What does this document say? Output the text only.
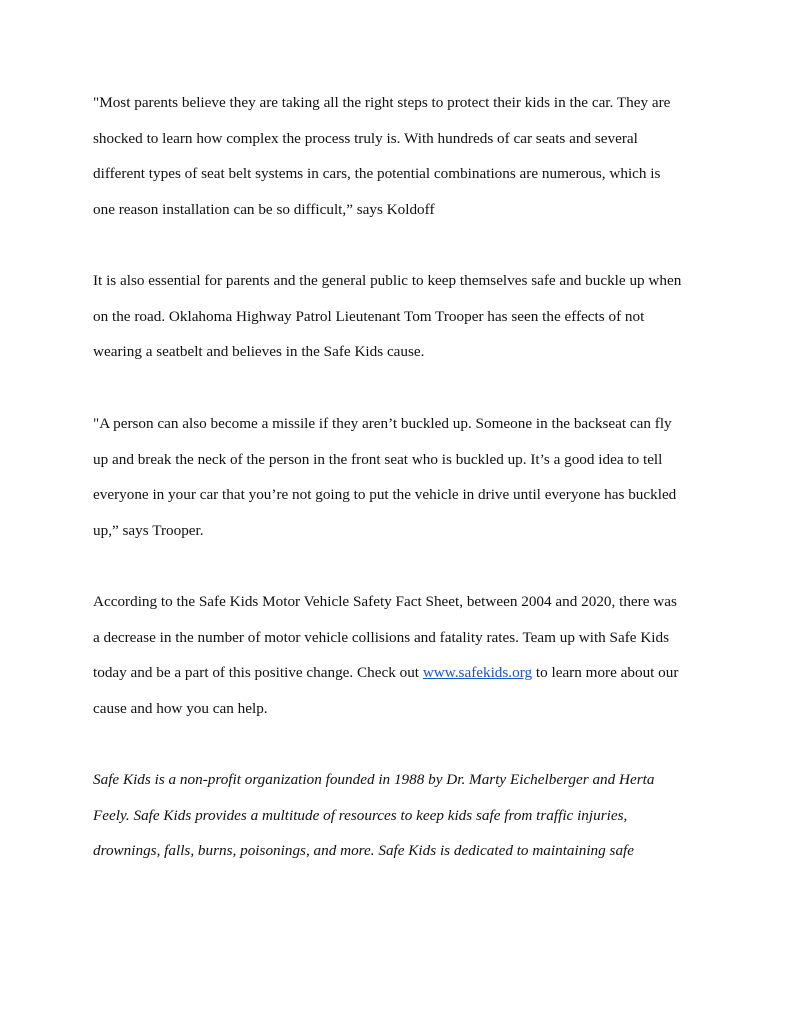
"Most parents believe they are taking all the right steps to protect their kids in the car. They are
shocked to learn how complex the process truly is. With hundreds of car seats and several
different types of seat belt systems in cars, the potential combinations are numerous, which is
one reason installation can be so difficult,” says Koldoff
It is also essential for parents and the general public to keep themselves safe and buckle up when
on the road. Oklahoma Highway Patrol Lieutenant Tom Trooper has seen the effects of not
wearing a seatbelt and believes in the Safe Kids cause.
"A person can also become a missile if they aren’t buckled up. Someone in the backseat can fly
up and break the neck of the person in the front seat who is buckled up. It’s a good idea to tell
everyone in your car that you’re not going to put the vehicle in drive until everyone has buckled
up,” says Trooper.
According to the Safe Kids Motor Vehicle Safety Fact Sheet, between 2004 and 2020, there was
a decrease in the number of motor vehicle collisions and fatality rates. Team up with Safe Kids
today and be a part of this positive change. Check out www.safekids.org to learn more about our
cause and how you can help.
Safe Kids is a non-profit organization founded in 1988 by Dr. Marty Eichelberger and Herta
Feely. Safe Kids provides a multitude of resources to keep kids safe from traffic injuries,
drownings, falls, burns, poisonings, and more. Safe Kids is dedicated to maintaining safe
